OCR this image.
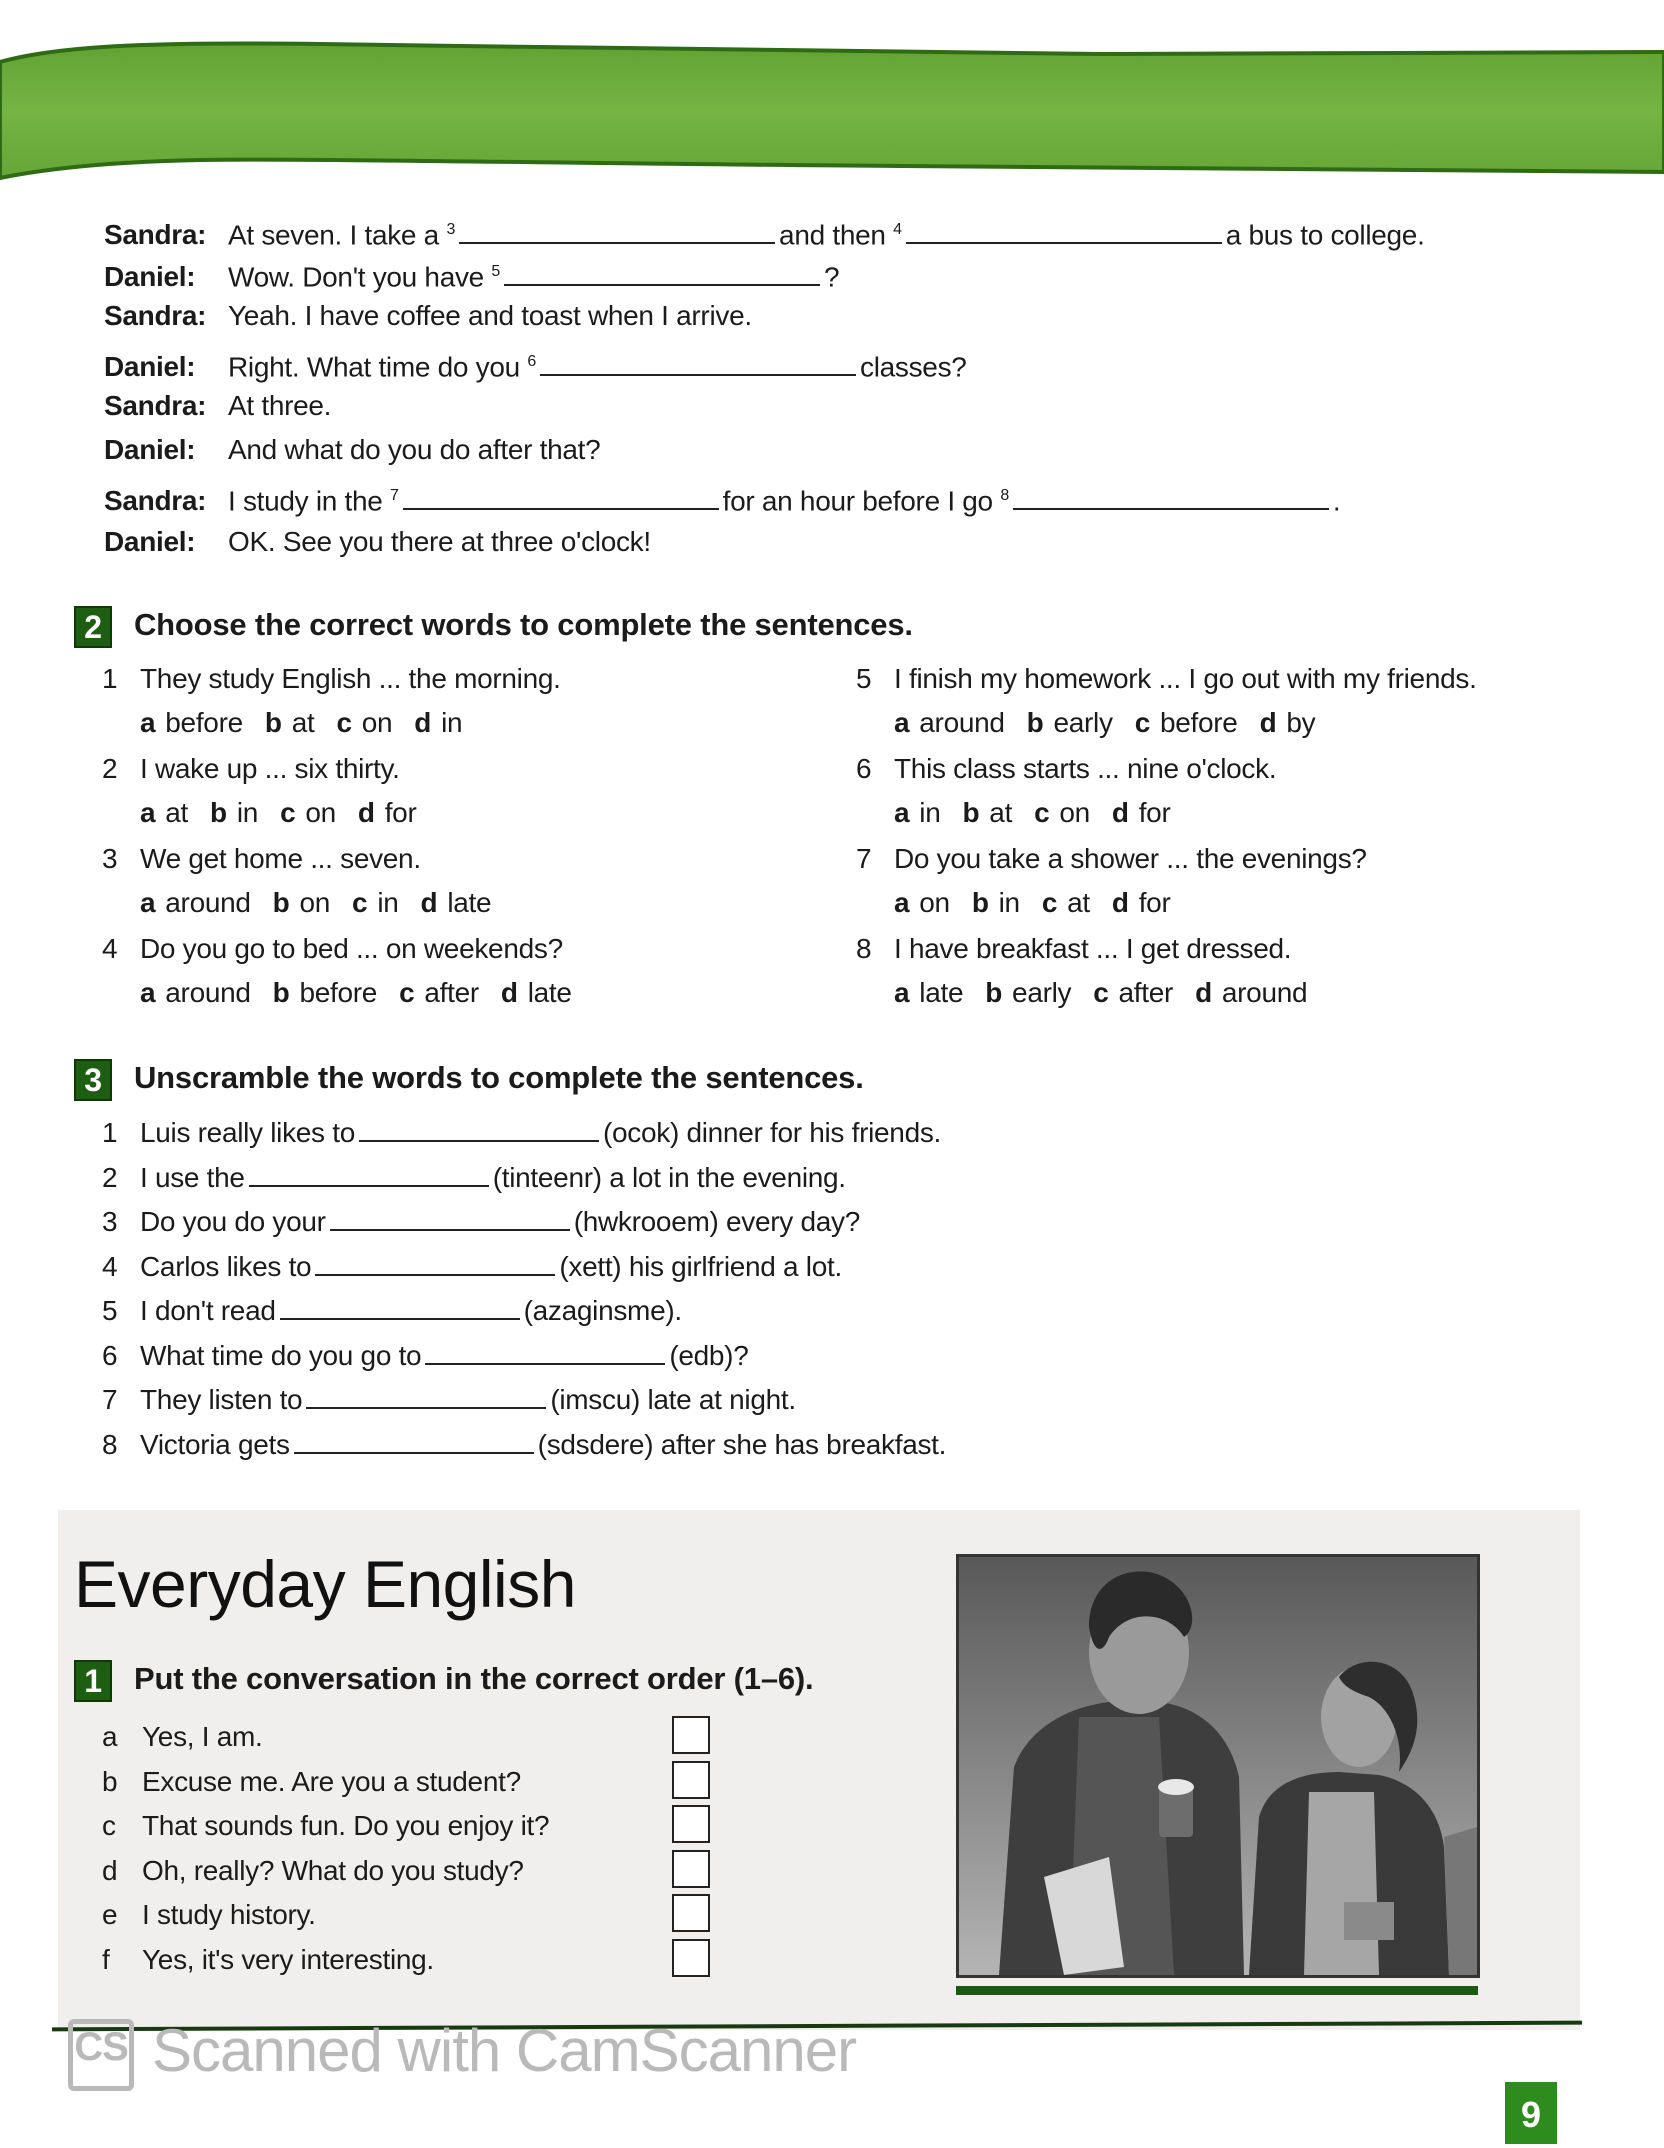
Sandra: At seven. I take a $^3$	and then $^4$	a bus to college.
Daniel: Wow. Don't you have $^5$	?
Sandra: Yeah. I have coffee and toast when I arrive.
Daniel: Right. What time do you $^6$	classes?
Sandra: At three.
Daniel: And what do you do after that?
Sandra: I study in the $^7$	for an hour before I go $^8$	.
Daniel: OK. See you there at three o'clock!
2 Choose the correct words to complete the sentences.
1 They study English ... the morning.
a before b at c on d in
2 I wake up ... six thirty.
a at b in c on d for
3 We get home ... seven.
a around b on c in d late
4 Do you go to bed ... on weekends?
a around b before c after d late
5 I finish my homework ... I go out with my friends.
a around b early c before d by
6 This class starts ... nine o'clock.
a in b at c on d for
7 Do you take a shower ... the evenings?
a on b in c at d for
8 I have breakfast ... I get dressed.
a late b early c after d around
3 Unscramble the words to complete the sentences.
1 Luis really likes to	(ocok) dinner for his friends.
2 I use the	(tinteenr) a lot in the evening.
3 Do you do your	(hwkrooem) every day?
4 Carlos likes to	(xett) his girlfriend a lot.
5 I don't read	(azaginsme).
6 What time do you go to	(edb)?
7 They listen to	(imscu) late at night.
8 Victoria gets	(sdsdere) after she has breakfast.
Everyday English
1 Put the conversation in the correct order (1–6).
a Yes, I am.
b Excuse me. Are you a student?
c That sounds fun. Do you enjoy it?
d Oh, really? What do you study?
e I study history.
f Yes, it's very interesting.
CS Scanned with CamScanner
9
